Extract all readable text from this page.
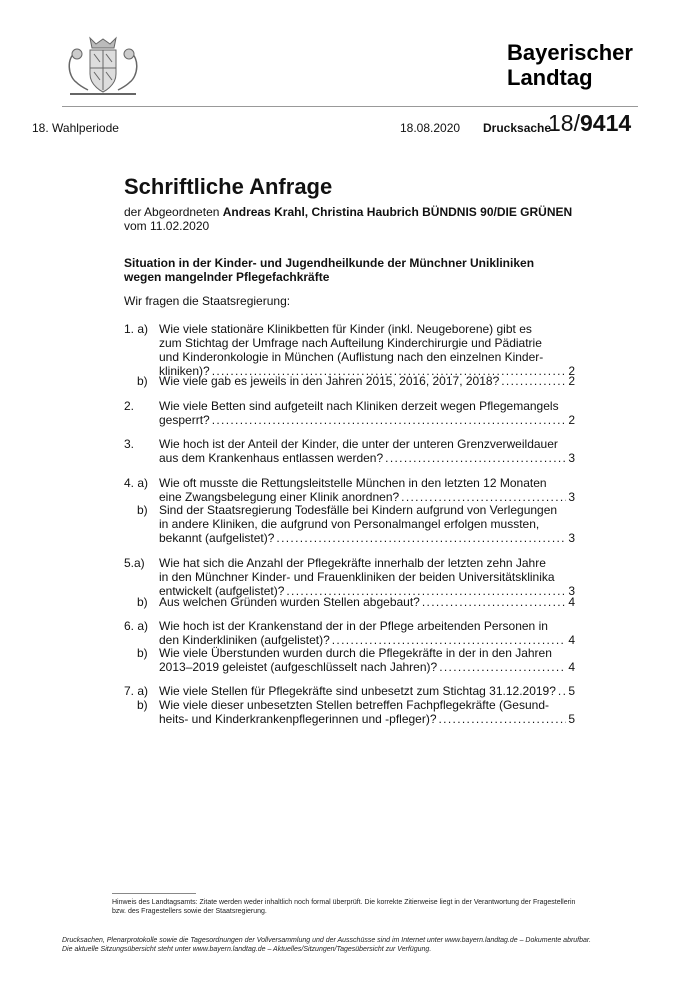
Bayerischer
Landtag
18. Wahlperiode	18.08.2020 Drucksache
18/9414
Schriftliche Anfrage
der Abgeordneten Andreas Krahl, Christina Haubrich BÜNDNIS 90/DIE GRÜNEN
vom 11.02.2020
Situation in der Kinder- und Jugendheilkunde der Münchner Unikliniken wegen mangelnder Pflegefachkräfte
Wir fragen die Staatsregierung:
1. a) Wie viele stationäre Klinikbetten für Kinder (inkl. Neugeborene) gibt es
zum Stichtag der Umfrage nach Aufteilung Kinderchirurgie und Pädiatrie
und Kinderonkologie in München (Auflistung nach den einzelnen Kinder-
kliniken)? . . .	2
b) Wie viele gab es jeweils in den Jahren 2015, 2016, 2017, 2018? . . .	2
2. Wie viele Betten sind aufgeteilt nach Kliniken derzeit wegen Pflegemangels
gesperrt? . . .	2
3. Wie hoch ist der Anteil der Kinder, die unter der unteren Grenzverweildauer
aus dem Krankenhaus entlassen werden? . . .	3
4. a) Wie oft musste die Rettungsleitstelle München in den letzten 12 Monaten
eine Zwangsbelegung einer Klinik anordnen? . . .	3
b) Sind der Staatsregierung Todesfälle bei Kindern aufgrund von Verlegungen
in andere Kliniken, die aufgrund von Personalmangel erfolgen mussten,
bekannt (aufgelistet)? . . .	3
5.a) Wie hat sich die Anzahl der Pflegekräfte innerhalb der letzten zehn Jahre
in den Münchner Kinder- und Frauenkliniken der beiden Universitätsklinika
entwickelt (aufgelistet)? . . .	3
b) Aus welchen Gründen wurden Stellen abgebaut? . . .	4
6. a) Wie hoch ist der Krankenstand der in der Pflege arbeitenden Personen in
den Kinderkliniken (aufgelistet)? . . .	4
b) Wie viele Überstunden wurden durch die Pflegekräfte in der in den Jahren
2013–2019 geleistet (aufgeschlüsselt nach Jahren)? . . .	4
7. a) Wie viele Stellen für Pflegekräfte sind unbesetzt zum Stichtag 31.12.2019? . . . 5
b) Wie viele dieser unbesetzten Stellen betreffen Fachpflegekräfte (Gesund-
heits- und Kinderkrankenpflegerinnen und -pfleger)? . . .	5
Hinweis des Landtagsamts: Zitate werden weder inhaltlich noch formal überprüft. Die korrekte Zitierweise liegt in der Verantwortung der Fragestellerin bzw. des Fragestellers sowie der Staatsregierung.
Drucksachen, Plenarprotokolle sowie die Tagesordnungen der Vollversammlung und der Ausschüsse sind im Internet unter www.bayern.landtag.de – Dokumente abrufbar.
Die aktuelle Sitzungsübersicht steht unter www.bayern.landtag.de – Aktuelles/Sitzungen/Tagesübersicht zur Verfügung.
